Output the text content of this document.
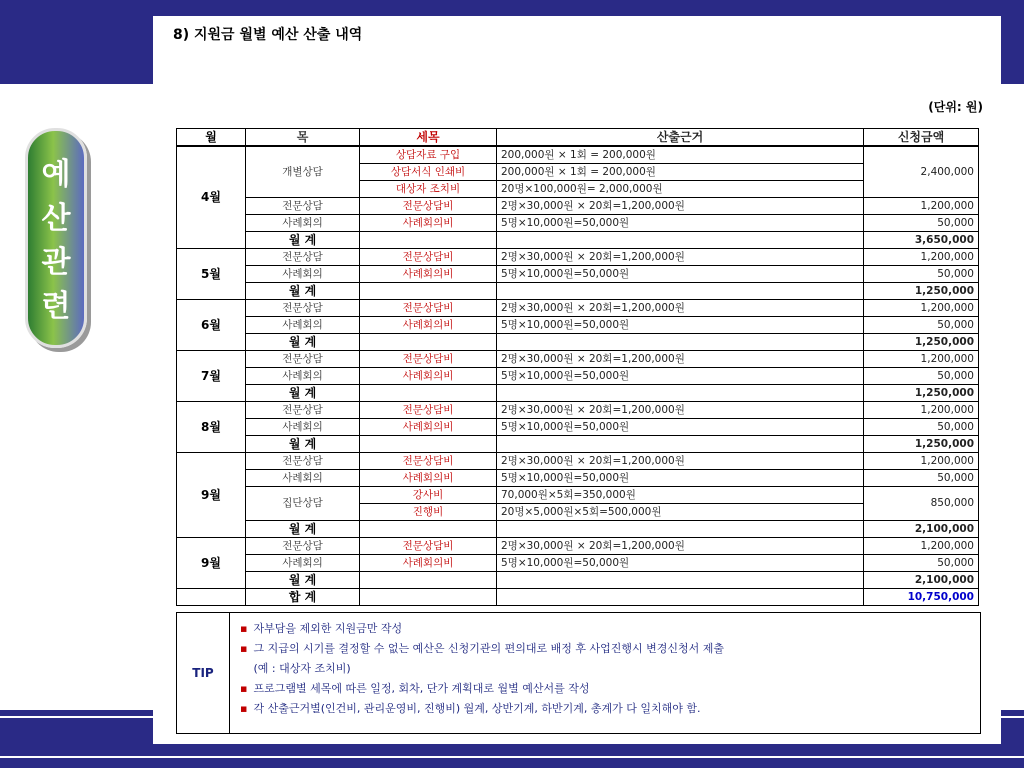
예
산
관
련
8) 지원금 월별 예산 산출 내역
(단위: 원)
월	목	세목	산출근거	신청금액
4월	개별상담	상담자료 구입	200,000원 × 1회 = 200,000원	2,400,000
		상담서식 인쇄비	200,000원 × 1회 = 200,000원	
		대상자 조치비	20명×100,000원= 2,000,000원	
	전문상담	전문상담비	2명×30,000원 × 20회=1,200,000원	1,200,000
	사례회의	사례회의비	5명×10,000원=50,000원	50,000
	월 계			3,650,000
5월	전문상담	전문상담비	2명×30,000원 × 20회=1,200,000원	1,200,000
	사례회의	사례회의비	5명×10,000원=50,000원	50,000
	월 계			1,250,000
6월	전문상담	전문상담비	2명×30,000원 × 20회=1,200,000원	1,200,000
	사례회의	사례회의비	5명×10,000원=50,000원	50,000
	월 계			1,250,000
7월	전문상담	전문상담비	2명×30,000원 × 20회=1,200,000원	1,200,000
	사례회의	사례회의비	5명×10,000원=50,000원	50,000
	월 계			1,250,000
8월	전문상담	전문상담비	2명×30,000원 × 20회=1,200,000원	1,200,000
	사례회의	사례회의비	5명×10,000원=50,000원	50,000
	월 계			1,250,000
9월	전문상담	전문상담비	2명×30,000원 × 20회=1,200,000원	1,200,000
	사례회의	사례회의비	5명×10,000원=50,000원	50,000
	집단상담	강사비	70,000원×5회=350,000원	850,000
		진행비	20명×5,000원×5회=500,000원	
	월 계			2,100,000
9월	전문상담	전문상담비	2명×30,000원 × 20회=1,200,000원	1,200,000
	사례회의	사례회의비	5명×10,000원=50,000원	50,000
	월 계			2,100,000
	합 계			10,750,000
TIP
▪ 자부담을 제외한 지원금만 작성
▪ 그 지급의 시기를 결정할 수 없는 예산은 신청기관의 편의대로 배정 후 사업진행시 변경신청서 제출
(예 : 대상자 조치비)
▪ 프로그램별 세목에 따른 일정, 회차, 단가 계획대로 월별 예산서를 작성
▪ 각 산출근거별(인건비, 관리운영비, 진행비) 월계, 상반기계, 하반기계, 총계가 다 일치해야 함.
